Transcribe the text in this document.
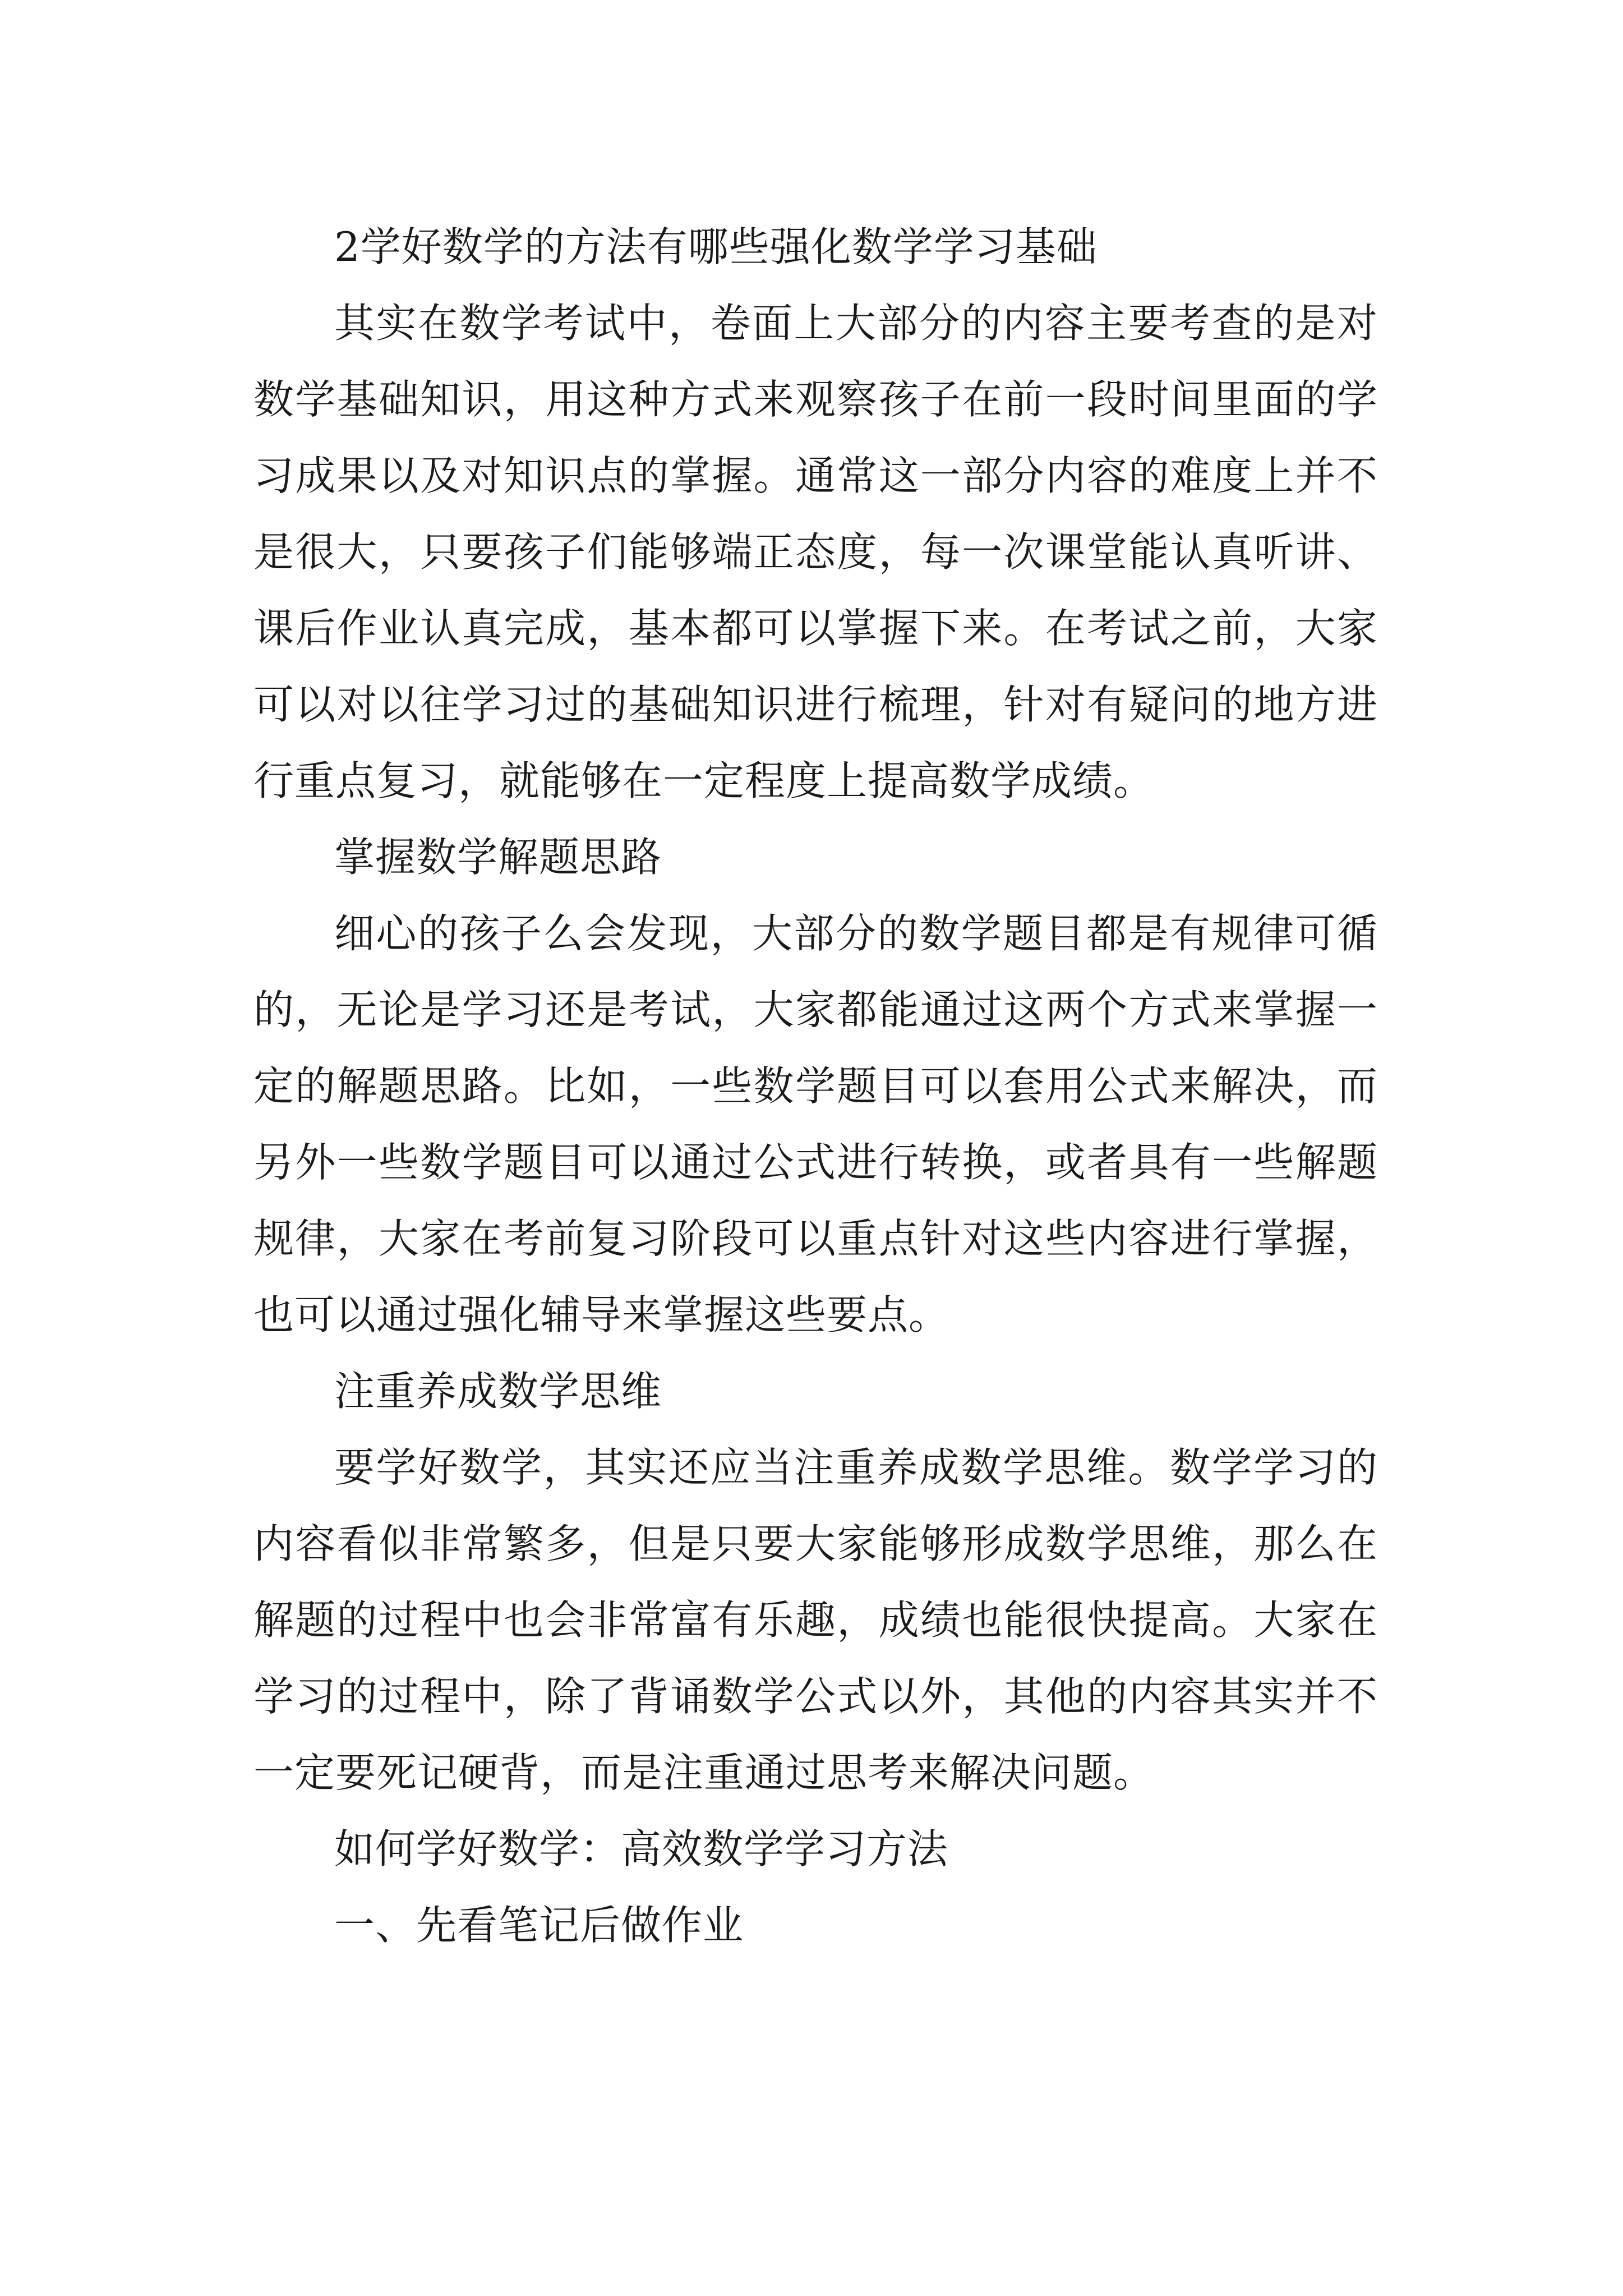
2学好数学的方法有哪些强化数学学习基础

其实在数学考试中，卷面上大部分的内容主要考查的是对数学基础知识，用这种方式来观察孩子在前一段时间里面的学习成果以及对知识点的掌握。通常这一部分内容的难度上并不是很大，只要孩子们能够端正态度，每一次课堂能认真听讲、课后作业认真完成，基本都可以掌握下来。在考试之前，大家可以对以往学习过的基础知识进行梳理，针对有疑问的地方进行重点复习，就能够在一定程度上提高数学成绩。

掌握数学解题思路

细心的孩子么会发现，大部分的数学题目都是有规律可循的，无论是学习还是考试，大家都能通过这两个方式来掌握一定的解题思路。比如，一些数学题目可以套用公式来解决，而另外一些数学题目可以通过公式进行转换，或者具有一些解题规律，大家在考前复习阶段可以重点针对这些内容进行掌握，也可以通过强化辅导来掌握这些要点。

注重养成数学思维

要学好数学，其实还应当注重养成数学思维。数学学习的内容看似非常繁多，但是只要大家能够形成数学思维，那么在解题的过程中也会非常富有乐趣，成绩也能很快提高。大家在学习的过程中，除了背诵数学公式以外，其他的内容其实并不一定要死记硬背，而是注重通过思考来解决问题。

如何学好数学：高效数学学习方法

一、先看笔记后做作业
